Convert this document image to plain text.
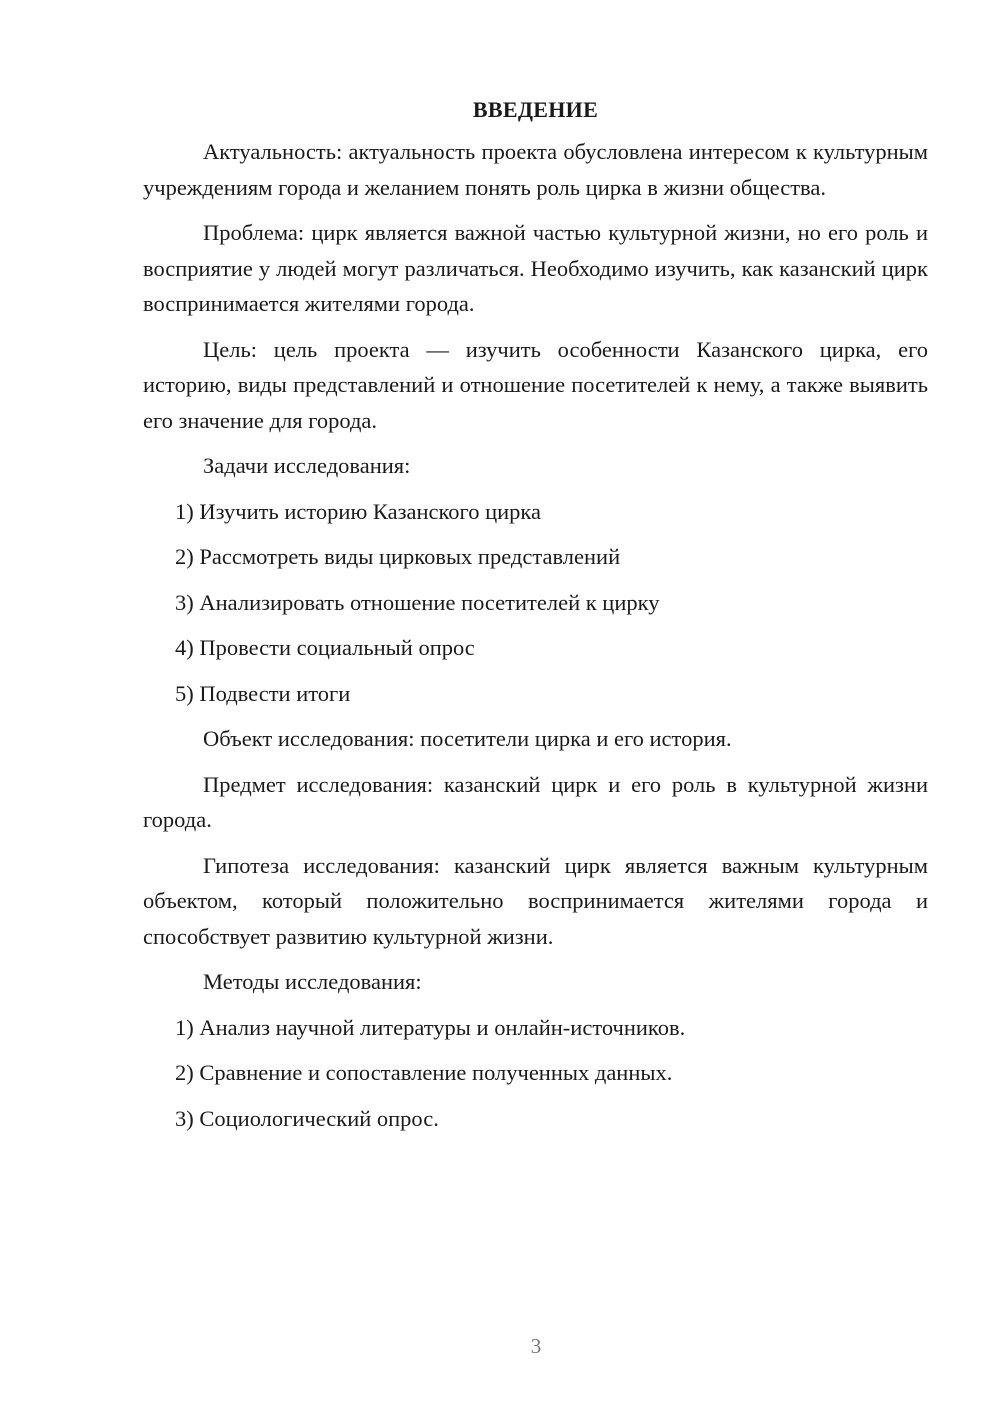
ВВЕДЕНИЕ

Актуальность: актуальность проекта обусловлена интересом к культурным учреждениям города и желанием понять роль цирка в жизни общества.

Проблема: цирк является важной частью культурной жизни, но его роль и восприятие у людей могут различаться. Необходимо изучить, как казанский цирк воспринимается жителями города.

Цель: цель проекта — изучить особенности Казанского цирка, его историю, виды представлений и отношение посетителей к нему, а также выявить его значение для города.

Задачи исследования:

1) Изучить историю Казанского цирка
2) Рассмотреть виды цирковых представлений
3) Анализировать отношение посетителей к цирку
4) Провести социальный опрос
5) Подвести итоги

Объект исследования: посетители цирка и его история.

Предмет исследования: казанский цирк и его роль в культурной жизни города.

Гипотеза исследования: казанский цирк является важным культурным объектом, который положительно воспринимается жителями города и способствует развитию культурной жизни.

Методы исследования:

1) Анализ научной литературы и онлайн-источников.
2) Сравнение и сопоставление полученных данных.
3) Социологический опрос.
3
